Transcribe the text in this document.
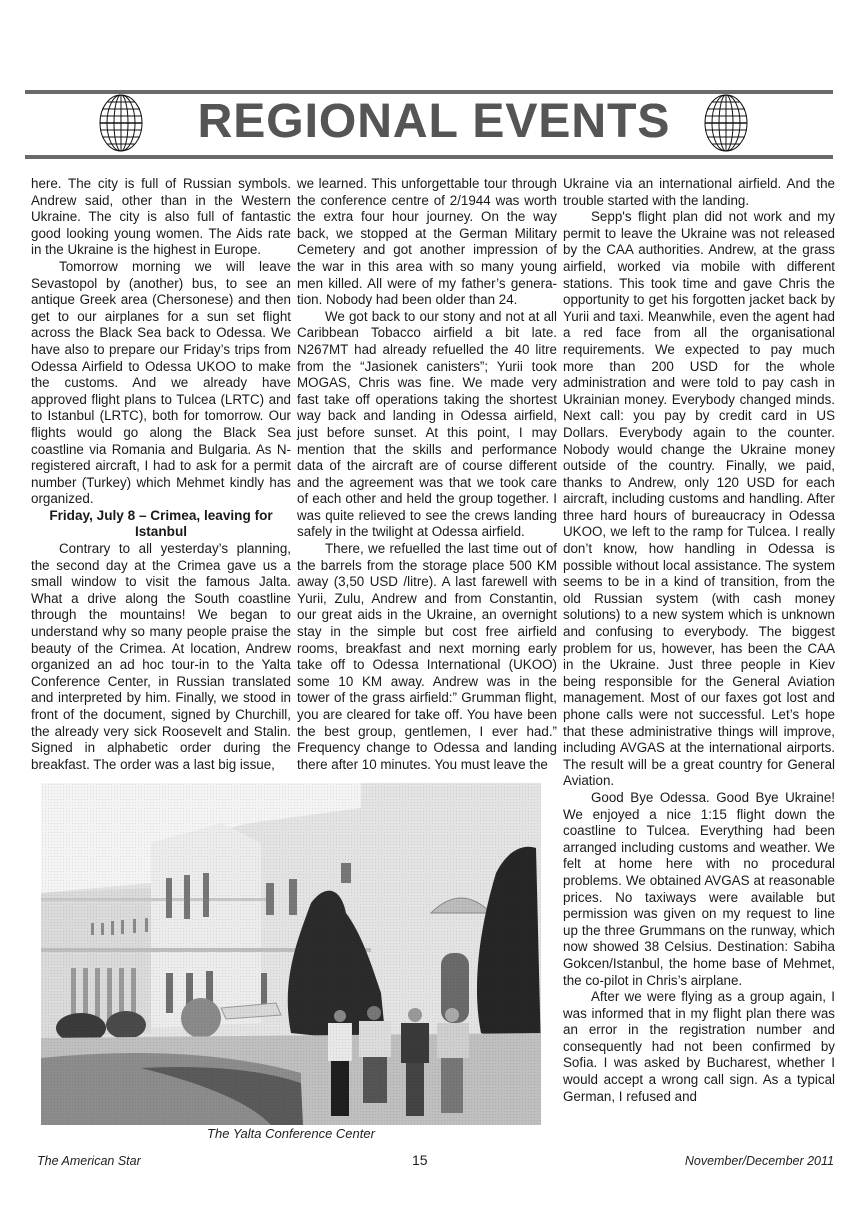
REGIONAL EVENTS

here. The city is full of Russian symbols. Andrew said, other than in the Western Ukraine. The city is also full of fantastic good looking young women. The Aids rate in the Ukraine is the highest in Europe.

Tomorrow morning we will leave Sevastopol by (another) bus, to see an antique Greek area (Chersonese) and then get to our airplanes for a sun set flight across the Black Sea back to Odessa. We have also to prepare our Friday’s trips from Odessa Airfield to Odessa UKOO to make the customs. And we already have approved flight plans to Tulcea (LRTC) and to Istanbul (LRTC), both for tomorrow. Our flights would go along the Black Sea coastline via Romania and Bulgaria. As N- registered aircraft, I had to ask for a permit number (Turkey) which Mehmet kindly has organized.

Friday, July 8 – Crimea, leaving for Istanbul

Contrary to all yesterday’s planning, the second day at the Crimea gave us a small window to visit the famous Jalta. What a drive along the South coastline through the mountains! We began to understand why so many people praise the beauty of the Crimea. At location, Andrew organized an ad hoc tour-in to the Yalta Conference Center, in Russian translated and interpreted by him. Finally, we stood in front of the document, signed by Churchill, the already very sick Roosevelt and Stalin. Signed in alphabetic order during the breakfast. The order was a last big issue,

we learned. This unforgettable tour through the conference centre of 2/1944 was worth the extra four hour journey. On the way back, we stopped at the German Military Cemetery and got another impression of the war in this area with so many young men killed. All were of my father’s generation. Nobody had been older than 24.

We got back to our stony and not at all Caribbean Tobacco airfield a bit late. N267MT had already refuelled the 40 litre from the “Jasionek canisters”; Yurii took MOGAS, Chris was fine. We made very fast take off operations taking the shortest way back and landing in Odessa airfield, just before sunset. At this point, I may mention that the skills and performance data of the aircraft are of course different and the agreement was that we took care of each other and held the group together. I was quite relieved to see the crews landing safely in the twilight at Odessa airfield.

There, we refuelled the last time out of the barrels from the storage place 500 KM away (3,50 USD /litre). A last farewell with Yurii, Zulu, Andrew and from Constantin, our great aids in the Ukraine, an overnight stay in the simple but cost free airfield rooms, breakfast and next morning early take off to Odessa International (UKOO) some 10 KM away. Andrew was in the tower of the grass airfield:” Grumman flight, you are cleared for take off. You have been the best group, gentlemen, I ever had.” Frequency change to Odessa and landing there after 10 minutes. You must leave the

Ukraine via an international airfield. And the trouble started with the landing.

Sepp's flight plan did not work and my permit to leave the Ukraine was not released by the CAA authorities. Andrew, at the grass airfield, worked via mobile with different stations. This took time and gave Chris the opportunity to get his forgotten jacket back by Yurii and taxi. Meanwhile, even the agent had a red face from all the organisational requirements. We expected to pay much more than 200 USD for the whole administration and were told to pay cash in Ukrainian money. Everybody changed minds. Next call: you pay by credit card in US Dollars. Everybody again to the counter. Nobody would change the Ukraine money outside of the country. Finally, we paid, thanks to Andrew, only 120 USD for each aircraft, including customs and handling. After three hard hours of bureaucracy in Odessa UKOO, we left to the ramp for Tulcea. I really don’t know, how handling in Odessa is possible without local assistance. The system seems to be in a kind of transition, from the old Russian system (with cash money solutions) to a new system which is unknown and confusing to everybody. The biggest problem for us, however, has been the CAA in the Ukraine. Just three people in Kiev being responsible for the General Aviation management. Most of our faxes got lost and phone calls were not successful. Let’s hope that these administrative things will improve, including AVGAS at the international airports. The result will be a great country for General Aviation.

Good Bye Odessa. Good Bye Ukraine! We enjoyed a nice 1:15 flight down the coastline to Tulcea. Everything had been arranged including customs and weather. We felt at home here with no procedural problems. We obtained AVGAS at reasonable prices. No taxiways were available but permission was given on my request to line up the three Grummans on the runway, which now showed 38 Celsius. Destination: Sabiha Gokcen/Istanbul, the home base of Mehmet, the co-pilot in Chris’s airplane.

After we were flying as a group again, I was informed that in my flight plan there was an error in the registration number and consequently had not been confirmed by Sofia. I was asked by Bucharest, whether I would accept a wrong call sign. As a typical German, I refused and

The Yalta Conference Center
The American Star	15	November/December 2011
